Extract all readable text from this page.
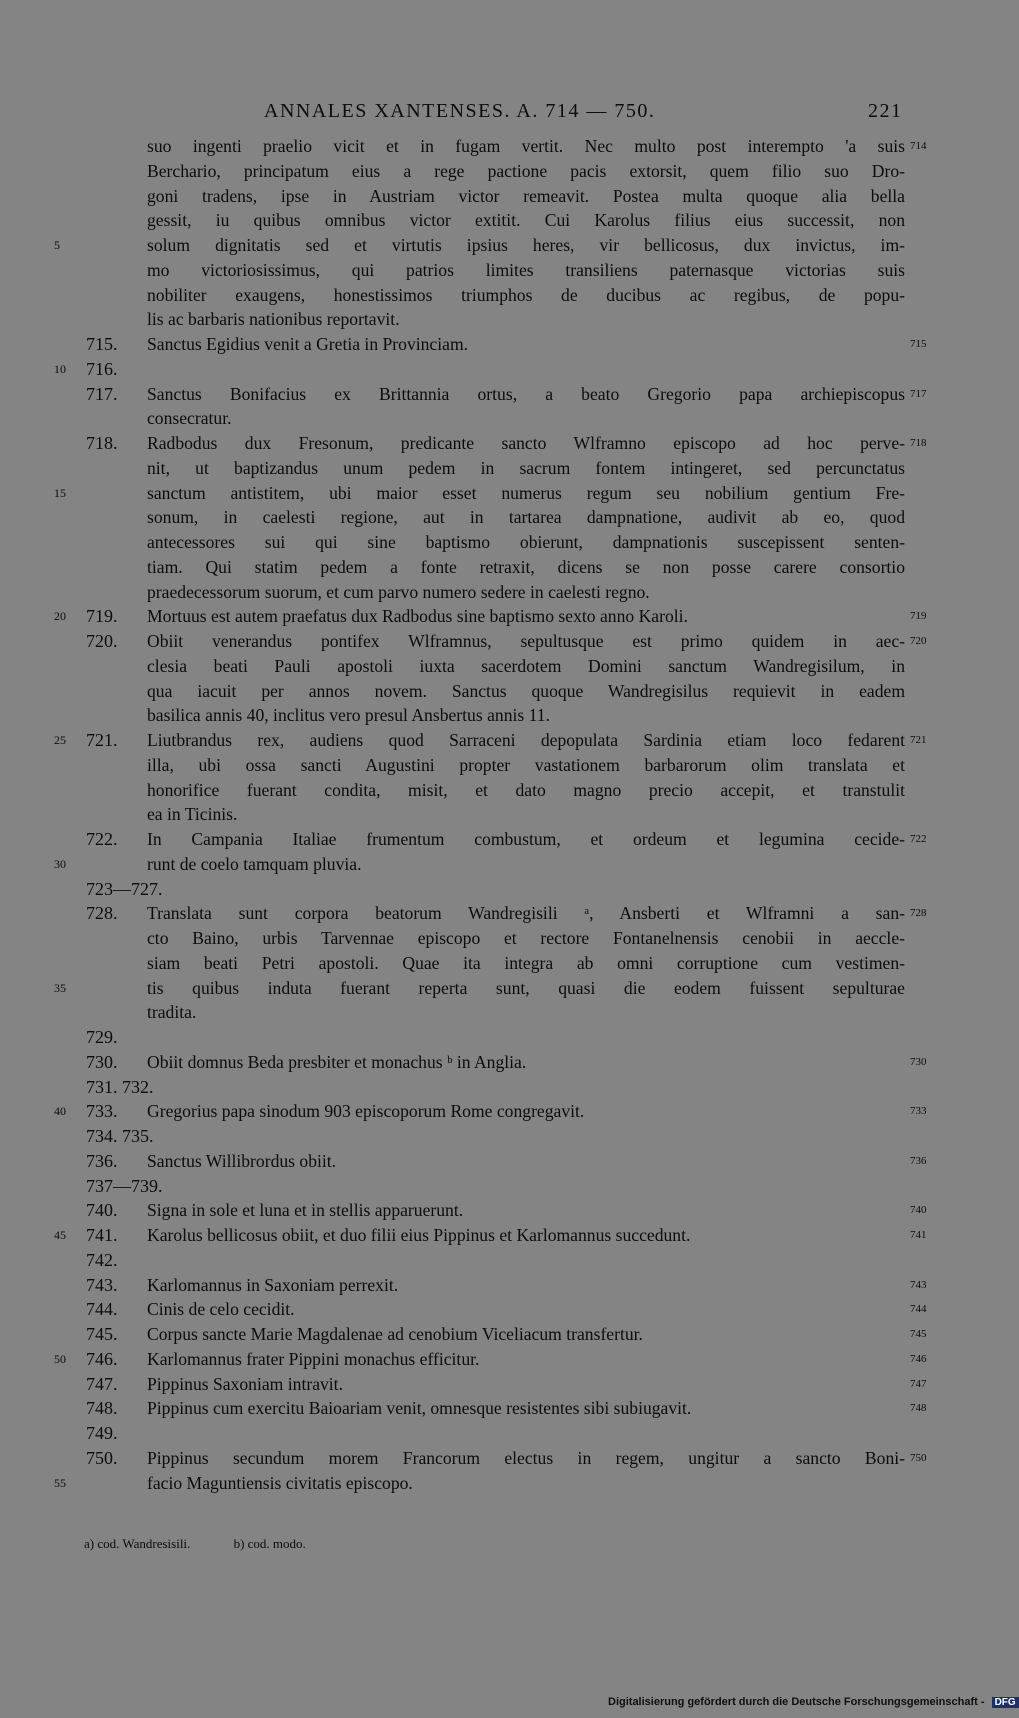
ANNALES XANTENSES. A. 714 — 750.	221
suo ingenti praelio vicit et in fugam vertit. Nec multo post interempto 'a suis 714
Berchario, principatum eius a rege pactione pacis extorsit, quem filio suo Dro-
goni tradens, ipse in Austriam victor remeavit. Postea multa quoque alia bella
gessit, iu quibus omnibus victor extitit. Cui Karolus filius eius successit, non
5	solum dignitatis sed et virtutis ipsius heres, vir bellicosus, dux invictus, im-
mo victoriosissimus, qui patrios limites transiliens paternasque victorias suis
nobiliter exaugens, honestissimos triumphos de ducibus ac regibus, de popu-
lis ac barbaris nationibus reportavit.
715.	Sanctus Egidius venit a Gretia in Provinciam.	715
10	716.
717.	Sanctus Bonifacius ex Brittannia ortus, a beato Gregorio papa archiepiscopus 717
consecratur.
718.	Radbodus dux Fresonum, predicante sancto Wlframno episcopo ad hoc perve- 718
nit, ut baptizandus unum pedem in sacrum fontem intingeret, sed percunctatus
15	sanctum antistitem, ubi maior esset numerus regum seu nobilium gentium Fre-
sonum, in caelesti regione, aut in tartarea dampnatione, audivit ab eo, quod
antecessores sui qui sine baptismo obierunt, dampnationis suscepissent senten-
tiam. Qui statim pedem a fonte retraxit, dicens se non posse carere consortio
praedecessorum suorum, et cum parvo numero sedere in caelesti regno.
20	719.	Mortuus est autem praefatus dux Radbodus sine baptismo sexto anno Karoli.	719
720.	Obiit venerandus pontifex Wlframnus, sepultusque est primo quidem in aec- 720
clesia beati Pauli apostoli iuxta sacerdotem Domini sanctum Wandregisilum, in
qua iacuit per annos novem. Sanctus quoque Wandregisilus requievit in eadem
basilica annis 40, inclitus vero presul Ansbertus annis 11.
25	721.	Liutbrandus rex, audiens quod Sarraceni depopulata Sardinia etiam loco fedarent 721
illa, ubi ossa sancti Augustini propter vastationem barbarorum olim translata et
honorifice fuerant condita, misit, et dato magno precio accepit, et transtulit
ea in Ticinis.
722.	In Campania Italiae frumentum combustum, et ordeum et legumina cecide- 722
30	runt de coelo tamquam pluvia.
723—727.
728.	Translata sunt corpora beatorum Wandregisili ᵃ, Ansberti et Wlframni a san- 728
cto Baino, urbis Tarvennae episcopo et rectore Fontanelnensis cenobii in aeccle-
siam beati Petri apostoli. Quae ita integra ab omni corruptione cum vestimen-
35	tis quibus induta fuerant reperta sunt, quasi die eodem fuissent sepulturae
tradita.
729.
730.	Obiit domnus Beda presbiter et monachus ᵇ in Anglia.	730
731. 732.
40	733.	Gregorius papa sinodum 903 episcoporum Rome congregavit.	733
734. 735.
736.	Sanctus Willibrordus obiit.	736
737—739.
740.	Signa in sole et luna et in stellis apparuerunt.	740
45	741.	Karolus bellicosus obiit, et duo filii eius Pippinus et Karlomannus succedunt.	741
742.
743.	Karlomannus in Saxoniam perrexit.	743
744.	Cinis de celo cecidit.	744
745.	Corpus sancte Marie Magdalenae ad cenobium Viceliacum transfertur.	745
50	746.	Karlomannus frater Pippini monachus efficitur.	746
747.	Pippinus Saxoniam intravit.	747
748.	Pippinus cum exercitu Baioariam venit, omnesque resistentes sibi subiugavit.	748
749.
750.	Pippinus secundum morem Francorum electus in regem, ungitur a sancto Boni- 750
55	facio Maguntiensis civitatis episcopo.
a) cod. Wandresisili.	b) cod. modo.
Digitalisierung gefördert durch die Deutsche Forschungsgemeinschaft - DFG
